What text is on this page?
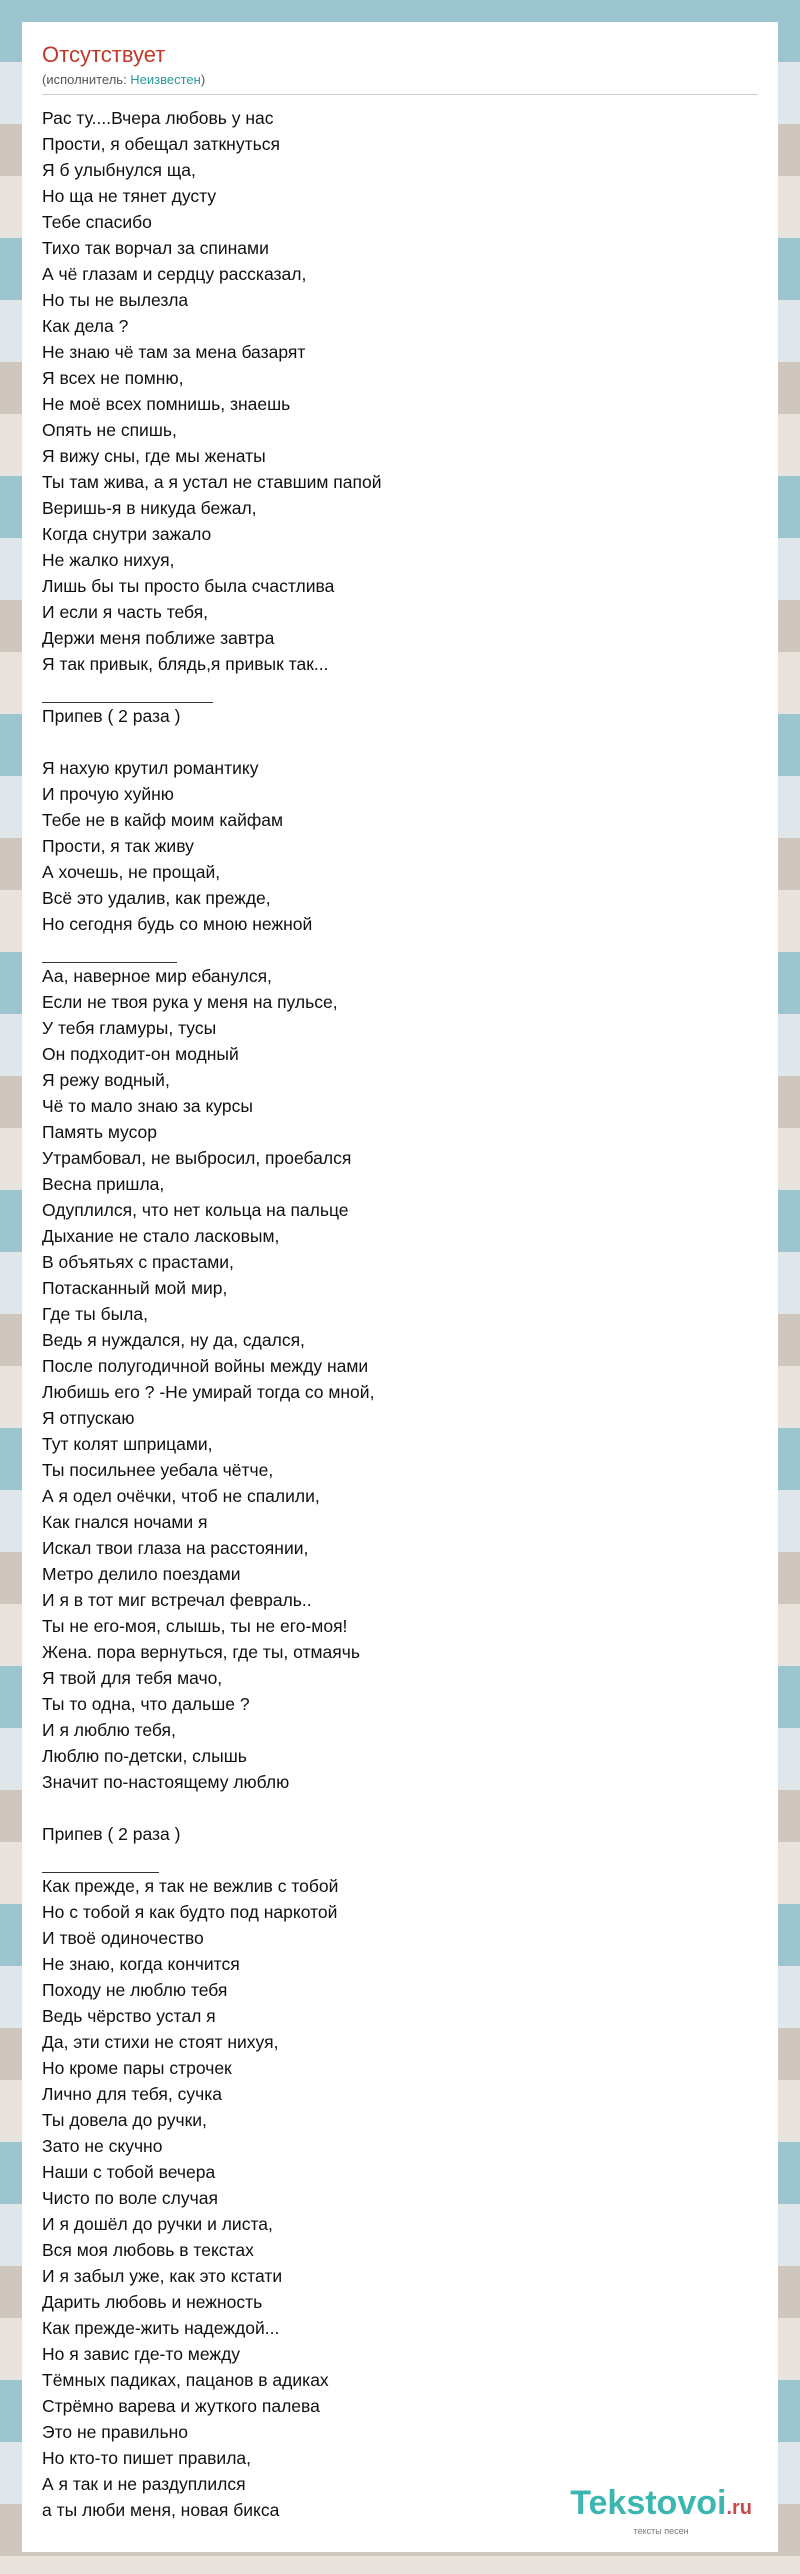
Отсутствует
(исполнитель: Неизвестен)
Рас ту....Вчера любовь у нас
Прости, я обещал заткнуться
Я б улыбнулся ща,
Но ща не тянет дусту
Тебе спасибо
Тихо так ворчал за спинами
А чё глазам и сердцу рассказал,
Но ты не вылезла
Как дела ?
Не знаю чё там за мена базарят
Я всех не помню,
Не моё всех помнишь, знаешь
Опять не спишь,
Я вижу сны, где мы женаты
Ты там жива, а я устал не ставшим папой
Веришь-я в никуда бежал,
Когда снутри зажало
Не жалко нихуя,
Лишь бы ты просто была счастлива
И если я часть тебя,
Держи меня поближе завтра
Я так привык, блядь,я привык так...
Припев ( 2 раза )
Я нахую крутил романтику
И прочую хуйню
Тебе не в кайф моим кайфам
Прости, я так живу
А хочешь, не прощай,
Всё это удалив, как прежде,
Но сегодня будь со мною нежной
Аа, наверное мир ебанулся,
Если не твоя рука у меня на пульсе,
У тебя гламуры, тусы
Он подходит-он модный
Я режу водный,
Чё то мало знаю за курсы
Память мусор
Утрамбовал, не выбросил, проебался
Весна пришла,
Одуплился, что нет кольца на пальце
Дыхание не стало ласковым,
В объятьях с прастами,
Потасканный мой мир,
Где ты была,
Ведь я нуждался, ну да, сдался,
После полугодичной войны между нами
Любишь его ? -Не умирай тогда со мной,
Я отпускаю
Тут колят шприцами,
Ты посильнее уебала чётче,
А я одел очёчки, чтоб не спалили,
Как гнался ночами я
Искал твои глаза на расстоянии,
Метро делило поездами
И я в тот миг встречал февраль..
Ты не его-моя, слышь, ты не его-моя!
Жена. пора вернуться, где ты, отмаячь
Я твой для тебя мачо,
Ты то одна, что дальше ?
И я люблю тебя,
Люблю по-детски, слышь
Значит по-настоящему люблю
Припев ( 2 раза )
Как прежде, я так не вежлив с тобой
Но с тобой я как будто под наркотой
И твоё одиночество
Не знаю, когда кончится
Походу не люблю тебя
Ведь чёрство устал я
Да, эти стихи не стоят нихуя,
Но кроме пары строчек
Лично для тебя, сучка
Ты довела до ручки,
Зато не скучно
Наши с тобой вечера
Чисто по воле случая
И я дошёл до ручки и листа,
Вся моя любовь в текстах
И я забыл уже, как это кстати
Дарить любовь и нежность
Как прежде-жить надеждой...
Но я завис где-то между
Тёмных падиках, пацанов в адиках
Стрёмно варева и жуткого палева
Это не правильно
Но кто-то пишет правила,
А я так и не раздуплился
а ты люби меня, новая бикса	Tekstovoi.ru
тексты песен
